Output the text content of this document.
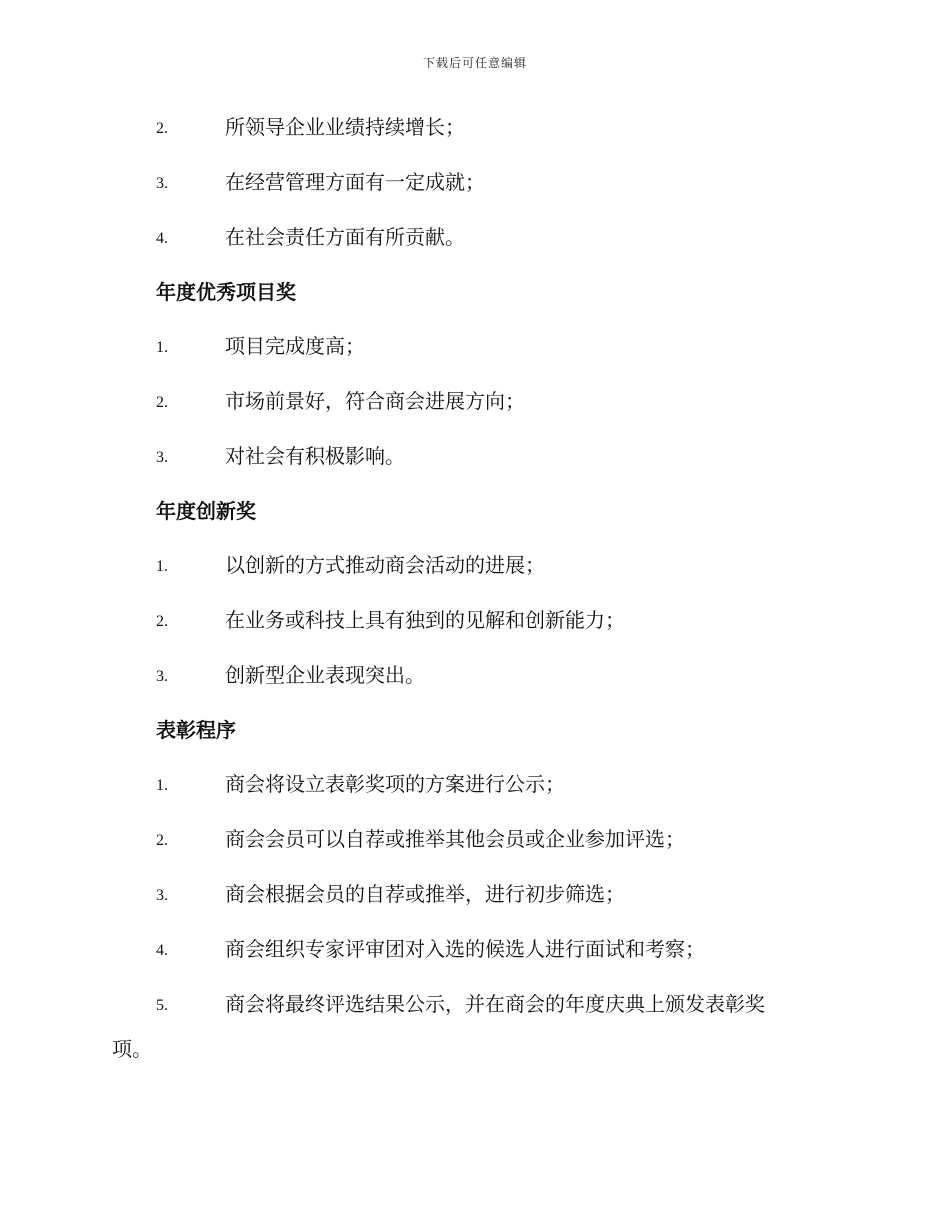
下载后可任意编辑
2.	所领导企业业绩持续增长；
3.	在经营管理方面有一定成就；
4.	在社会责任方面有所贡献。
年度优秀项目奖
1.	项目完成度高；
2.	市场前景好，符合商会进展方向；
3.	对社会有积极影响。
年度创新奖
1.	以创新的方式推动商会活动的进展；
2.	在业务或科技上具有独到的见解和创新能力；
3.	创新型企业表现突出。
表彰程序
1.	商会将设立表彰奖项的方案进行公示；
2.	商会会员可以自荐或推举其他会员或企业参加评选；
3.	商会根据会员的自荐或推举，进行初步筛选；
4.	商会组织专家评审团对入选的候选人进行面试和考察；
5.	商会将最终评选结果公示，并在商会的年度庆典上颁发表彰奖
项。
